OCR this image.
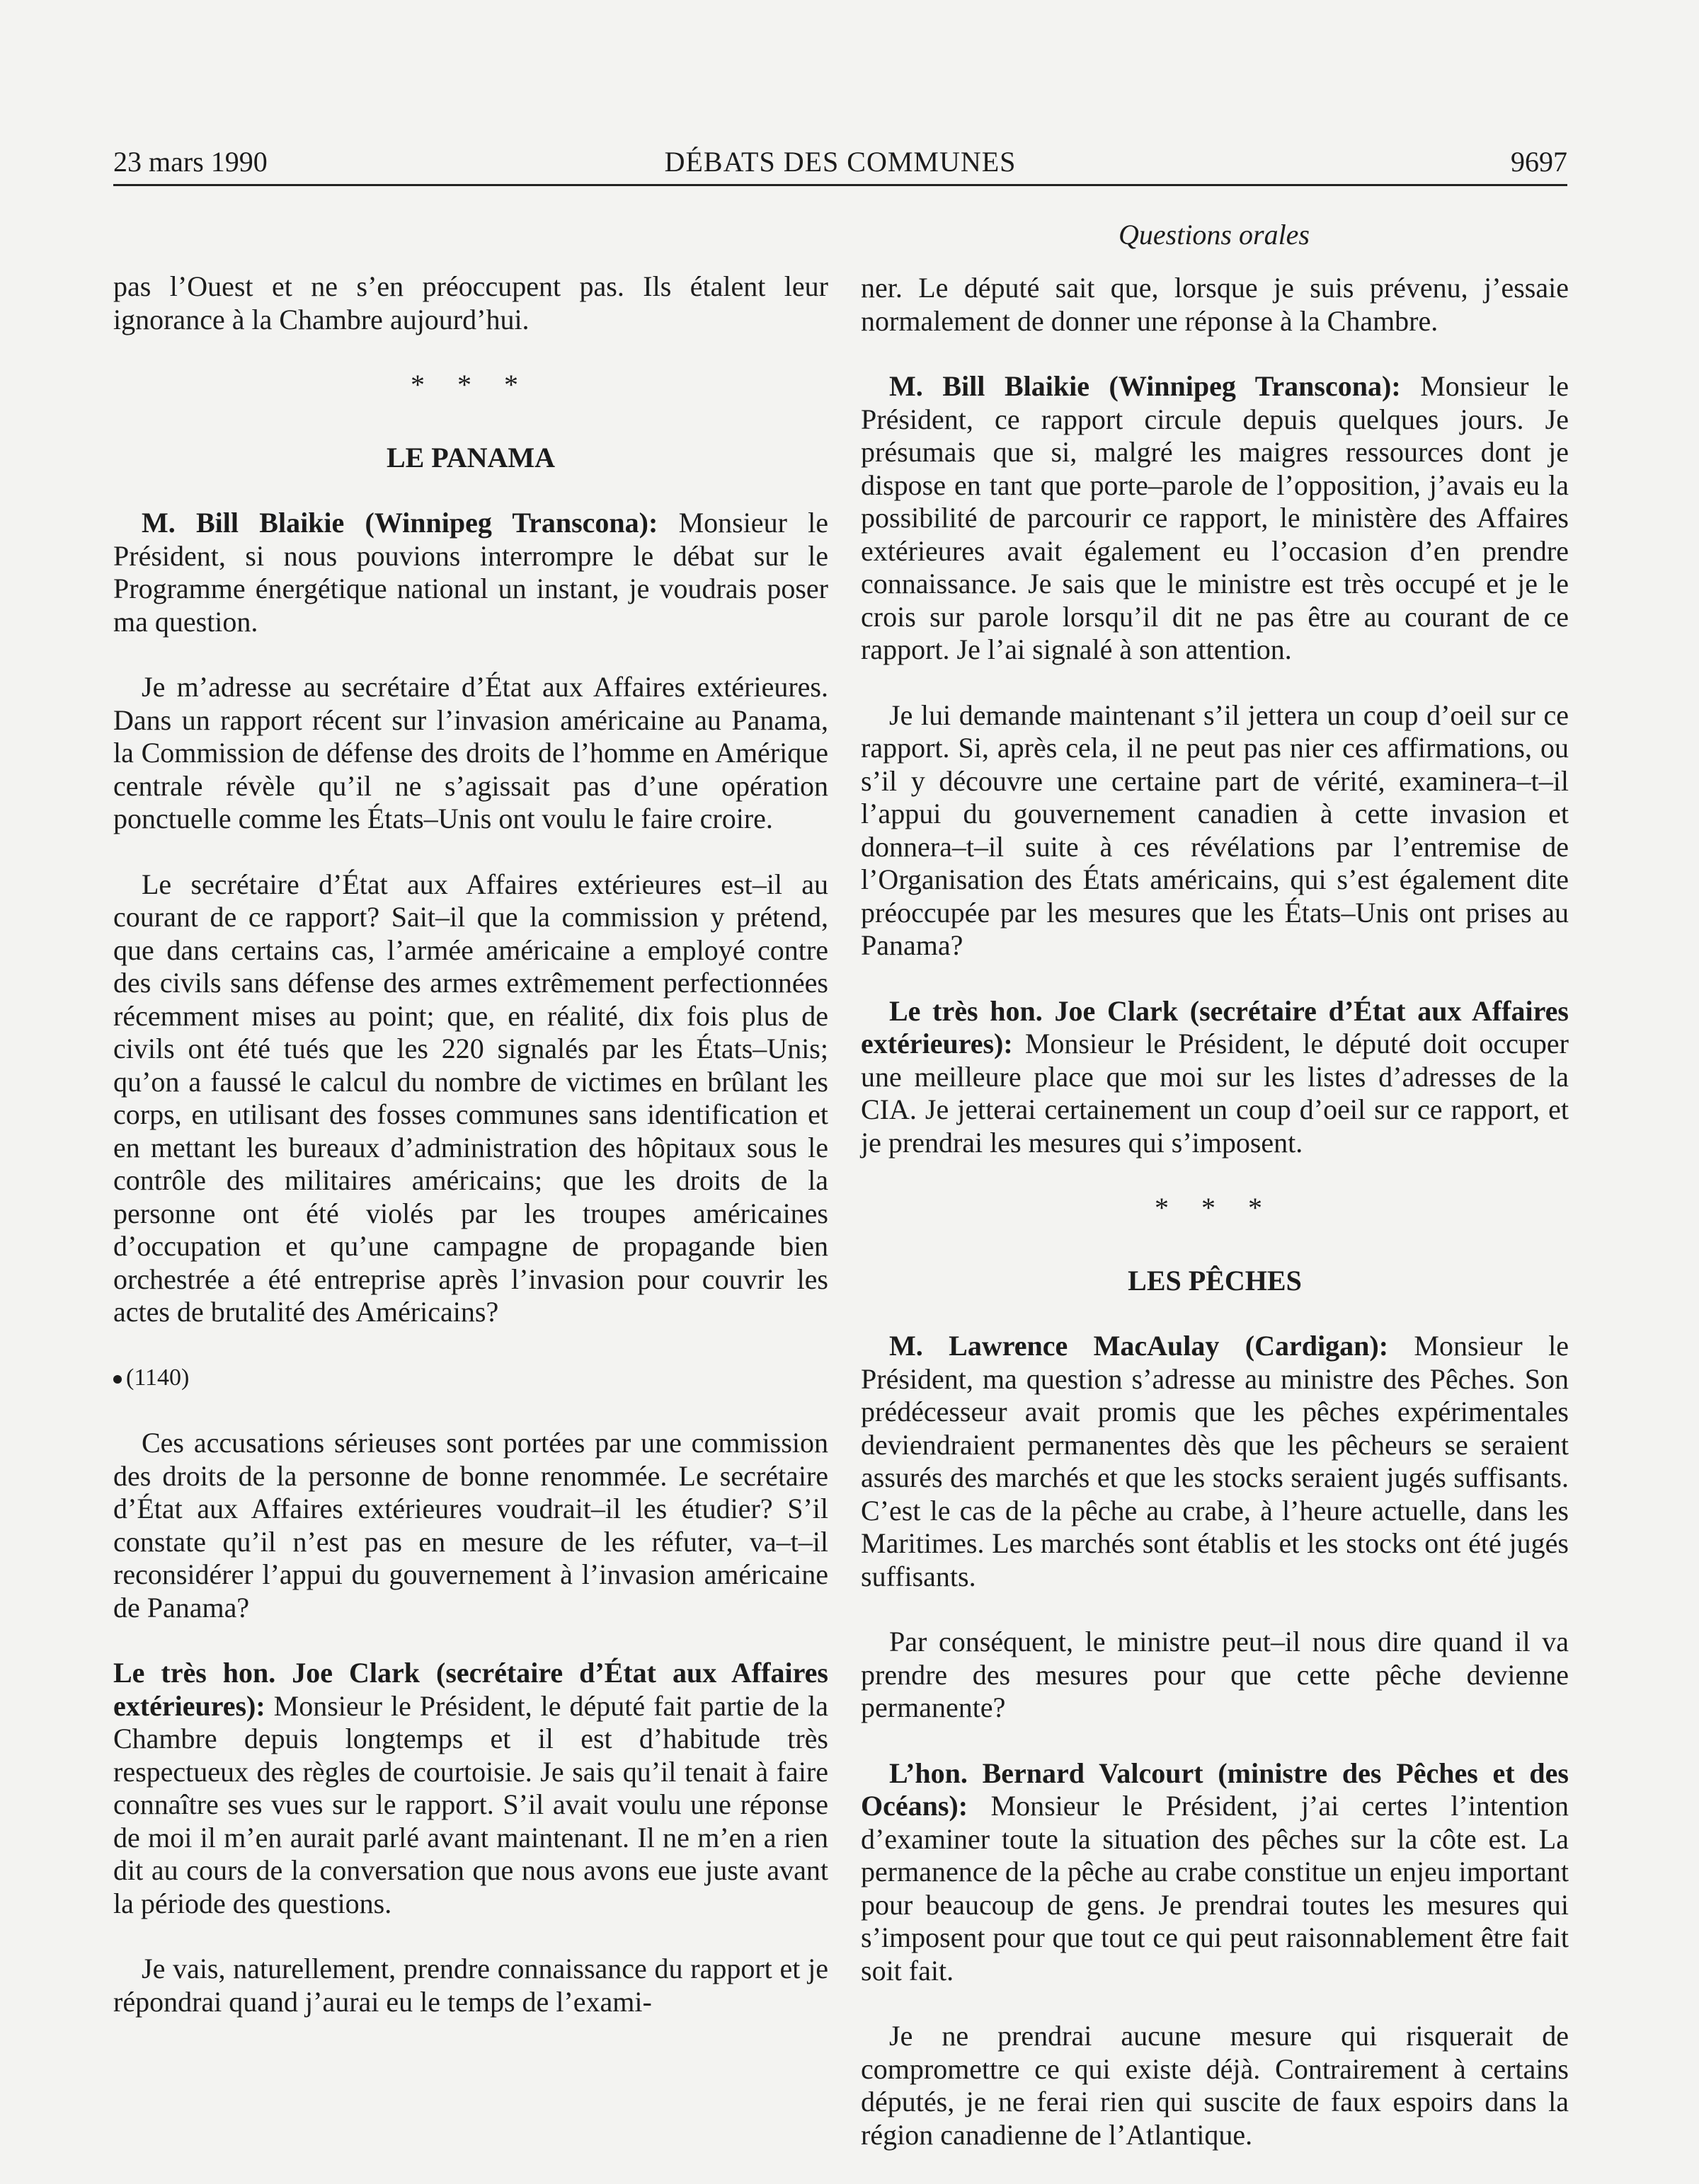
23 mars 1990	DÉBATS DES COMMUNES	9697
Questions orales

pas l’Ouest et ne s’en préoccupent pas. Ils étalent leur ignorance à la Chambre aujourd’hui.

* * *
LE PANAMA

M. Bill Blaikie (Winnipeg Transcona): Monsieur le Président, si nous pouvions interrompre le débat sur le Programme énergétique national un instant, je voudrais poser ma question.

Je m’adresse au secrétaire d’État aux Affaires extérieures. Dans un rapport récent sur l’invasion américaine au Panama, la Commission de défense des droits de l’homme en Amérique centrale révèle qu’il ne s’agissait pas d’une opération ponctuelle comme les États–Unis ont voulu le faire croire.

Le secrétaire d’État aux Affaires extérieures est–il au courant de ce rapport? Sait–il que la commission y prétend, que dans certains cas, l’armée américaine a employé contre des civils sans défense des armes extrêmement perfectionnées récemment mises au point; que, en réalité, dix fois plus de civils ont été tués que les 220 signalés par les États–Unis; qu’on a faussé le calcul du nombre de victimes en brûlant les corps, en utilisant des fosses communes sans identification et en mettant les bureaux d’administration des hôpitaux sous le contrôle des militaires américains; que les droits de la personne ont été violés par les troupes américaines d’occupation et qu’une campagne de propagande bien orchestrée a été entreprise après l’invasion pour couvrir les actes de brutalité des Américains?

(1140)

Ces accusations sérieuses sont portées par une commission des droits de la personne de bonne renommée. Le secrétaire d’État aux Affaires extérieures voudrait–il les étudier? S’il constate qu’il n’est pas en mesure de les réfuter, va–t–il reconsidérer l’appui du gouvernement à l’invasion américaine de Panama?

Le très hon. Joe Clark (secrétaire d’État aux Affaires extérieures): Monsieur le Président, le député fait partie de la Chambre depuis longtemps et il est d’habitude très respectueux des règles de courtoisie. Je sais qu’il tenait à faire connaître ses vues sur le rapport. S’il avait voulu une réponse de moi il m’en aurait parlé avant maintenant. Il ne m’en a rien dit au cours de la conversation que nous avons eue juste avant la période des questions.

Je vais, naturellement, prendre connaissance du rapport et je répondrai quand j’aurai eu le temps de l’exami-

ner. Le député sait que, lorsque je suis prévenu, j’essaie normalement de donner une réponse à la Chambre.

M. Bill Blaikie (Winnipeg Transcona): Monsieur le Président, ce rapport circule depuis quelques jours. Je présumais que si, malgré les maigres ressources dont je dispose en tant que porte–parole de l’opposition, j’avais eu la possibilité de parcourir ce rapport, le ministère des Affaires extérieures avait également eu l’occasion d’en prendre connaissance. Je sais que le ministre est très occupé et je le crois sur parole lorsqu’il dit ne pas être au courant de ce rapport. Je l’ai signalé à son attention.

Je lui demande maintenant s’il jettera un coup d’oeil sur ce rapport. Si, après cela, il ne peut pas nier ces affirmations, ou s’il y découvre une certaine part de vérité, examinera–t–il l’appui du gouvernement canadien à cette invasion et donnera–t–il suite à ces révélations par l’entremise de l’Organisation des États américains, qui s’est également dite préoccupée par les mesures que les États–Unis ont prises au Panama?

Le très hon. Joe Clark (secrétaire d’État aux Affaires extérieures): Monsieur le Président, le député doit occuper une meilleure place que moi sur les listes d’adresses de la CIA. Je jetterai certainement un coup d’oeil sur ce rapport, et je prendrai les mesures qui s’imposent.

* * *
LES PÊCHES

M. Lawrence MacAulay (Cardigan): Monsieur le Président, ma question s’adresse au ministre des Pêches. Son prédécesseur avait promis que les pêches expérimentales deviendraient permanentes dès que les pêcheurs se seraient assurés des marchés et que les stocks seraient jugés suffisants. C’est le cas de la pêche au crabe, à l’heure actuelle, dans les Maritimes. Les marchés sont établis et les stocks ont été jugés suffisants.

Par conséquent, le ministre peut–il nous dire quand il va prendre des mesures pour que cette pêche devienne permanente?

L’hon. Bernard Valcourt (ministre des Pêches et des Océans): Monsieur le Président, j’ai certes l’intention d’examiner toute la situation des pêches sur la côte est. La permanence de la pêche au crabe constitue un enjeu important pour beaucoup de gens. Je prendrai toutes les mesures qui s’imposent pour que tout ce qui peut raisonnablement être fait soit fait.

Je ne prendrai aucune mesure qui risquerait de compromettre ce qui existe déjà. Contrairement à certains députés, je ne ferai rien qui suscite de faux espoirs dans la région canadienne de l’Atlantique.
